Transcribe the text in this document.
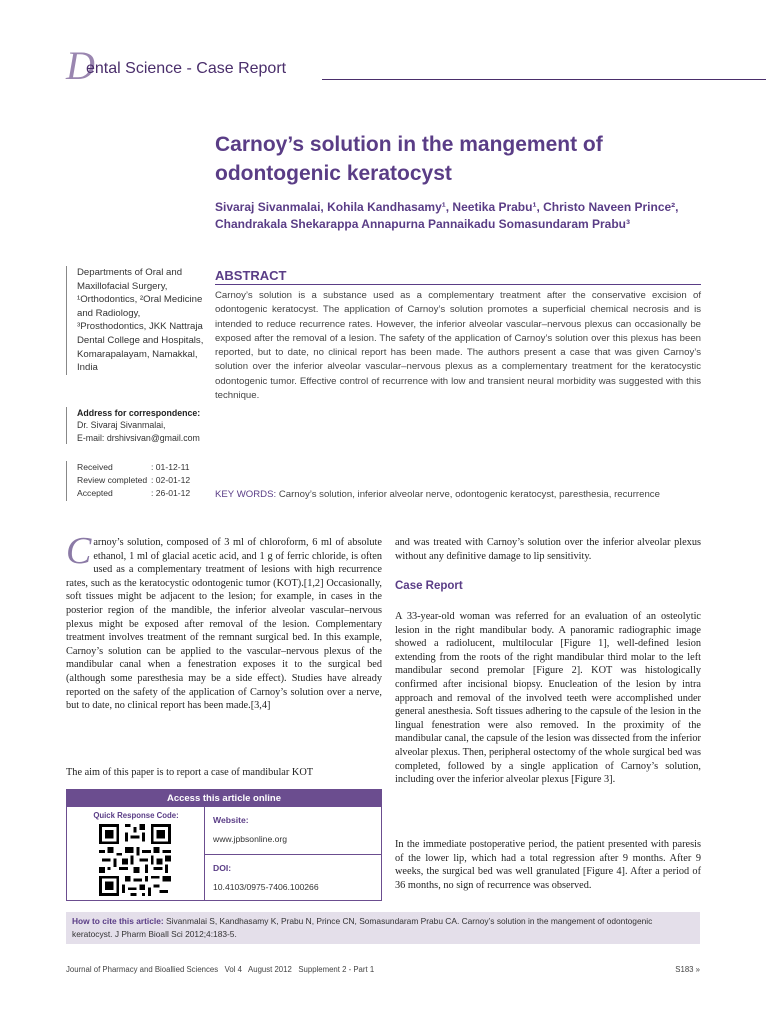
D
ental Science - Case Report
Carnoy’s solution in the mangement of odontogenic keratocyst
Sivaraj Sivanmalai, Kohila Kandhasamy¹, Neetika Prabu¹, Christo Naveen Prince²,
Chandrakala Shekarappa Annapurna Pannaikadu Somasundaram Prabu³
Departments of Oral and Maxillofacial Surgery, ¹Orthodontics, ²Oral Medicine and Radiology, ³Prosthodontics, JKK Nattraja Dental College and Hospitals, Komarapalayam, Namakkal, India
Address for correspondence:
Dr. Sivaraj Sivanmalai,
E-mail: drshivsivan@gmail.com
Received	: 01-12-11
Review completed : 02-01-12
Accepted	: 26-01-12
ABSTRACT
Carnoy’s solution is a substance used as a complementary treatment after the conservative excision of odontogenic keratocyst. The application of Carnoy’s solution promotes a superficial chemical necrosis and is intended to reduce recurrence rates. However, the inferior alveolar vascular–nervous plexus can occasionally be exposed after the removal of a lesion. The safety of the application of Carnoy’s solution over this plexus has been reported, but to date, no clinical report has been made. The authors present a case that was given Carnoy’s solution over the inferior alveolar vascular–nervous plexus as a complementary treatment for the keratocystic odontogenic tumor. Effective control of recurrence with low and transient neural morbidity was suggested with this technique.
KEY WORDS: Carnoy’s solution, inferior alveolar nerve, odontogenic keratocyst, paresthesia, recurrence
C arnoy’s solution, composed of 3 ml of chloroform, 6 ml of absolute ethanol, 1 ml of glacial acetic acid, and 1 g of ferric chloride, is often used as a complementary treatment of lesions with high recurrence rates, such as the keratocystic odontogenic tumor (KOT).[1,2] Occasionally, soft tissues might be adjacent to the lesion; for example, in cases in the posterior region of the mandible, the inferior alveolar vascular–nervous plexus might be exposed after removal of the lesion. Complementary treatment involves treatment of the remnant surgical bed. In this example, Carnoy’s solution can be applied to the vascular–nervous plexus of the mandibular canal when a fenestration exposes it to the surgical bed (although some paresthesia may be a side effect). Studies have already reported on the safety of the application of Carnoy’s solution over a nerve, but to date, no clinical report has been made.[3,4]
The aim of this paper is to report a case of mandibular KOT
Access this article online
Quick Response Code:	Website:
www.jpbsonline.org
DOI:
10.4103/0975-7406.100266
and was treated with Carnoy’s solution over the inferior alveolar plexus without any definitive damage to lip sensitivity.
Case Report
A 33-year-old woman was referred for an evaluation of an osteolytic lesion in the right mandibular body. A panoramic radiographic image showed a radiolucent, multilocular [Figure 1], well-defined lesion extending from the roots of the right mandibular third molar to the left mandibular second premolar [Figure 2]. KOT was histologically confirmed after incisional biopsy. Enucleation of the lesion by intra approach and removal of the involved teeth were accomplished under general anesthesia. Soft tissues adhering to the capsule of the lesion in the lingual fenestration were also removed. In the proximity of the mandibular canal, the capsule of the lesion was dissected from the inferior alveolar plexus. Then, peripheral ostectomy of the whole surgical bed was completed, followed by a single application of Carnoy’s solution, including over the inferior alveolar plexus [Figure 3].
In the immediate postoperative period, the patient presented with paresis of the lower lip, which had a total regression after 9 months. After 9 weeks, the surgical bed was well granulated [Figure 4]. After a period of 36 months, no sign of recurrence was observed.
How to cite this article: Sivanmalai S, Kandhasamy K, Prabu N, Prince CN, Somasundaram Prabu CA. Carnoy’s solution in the mangement of odontogenic keratocyst. J Pharm Bioall Sci 2012;4:183-5.
Journal of Pharmacy and Bioallied Sciences   Vol 4   August 2012   Supplement 2 - Part 1	S183 »
